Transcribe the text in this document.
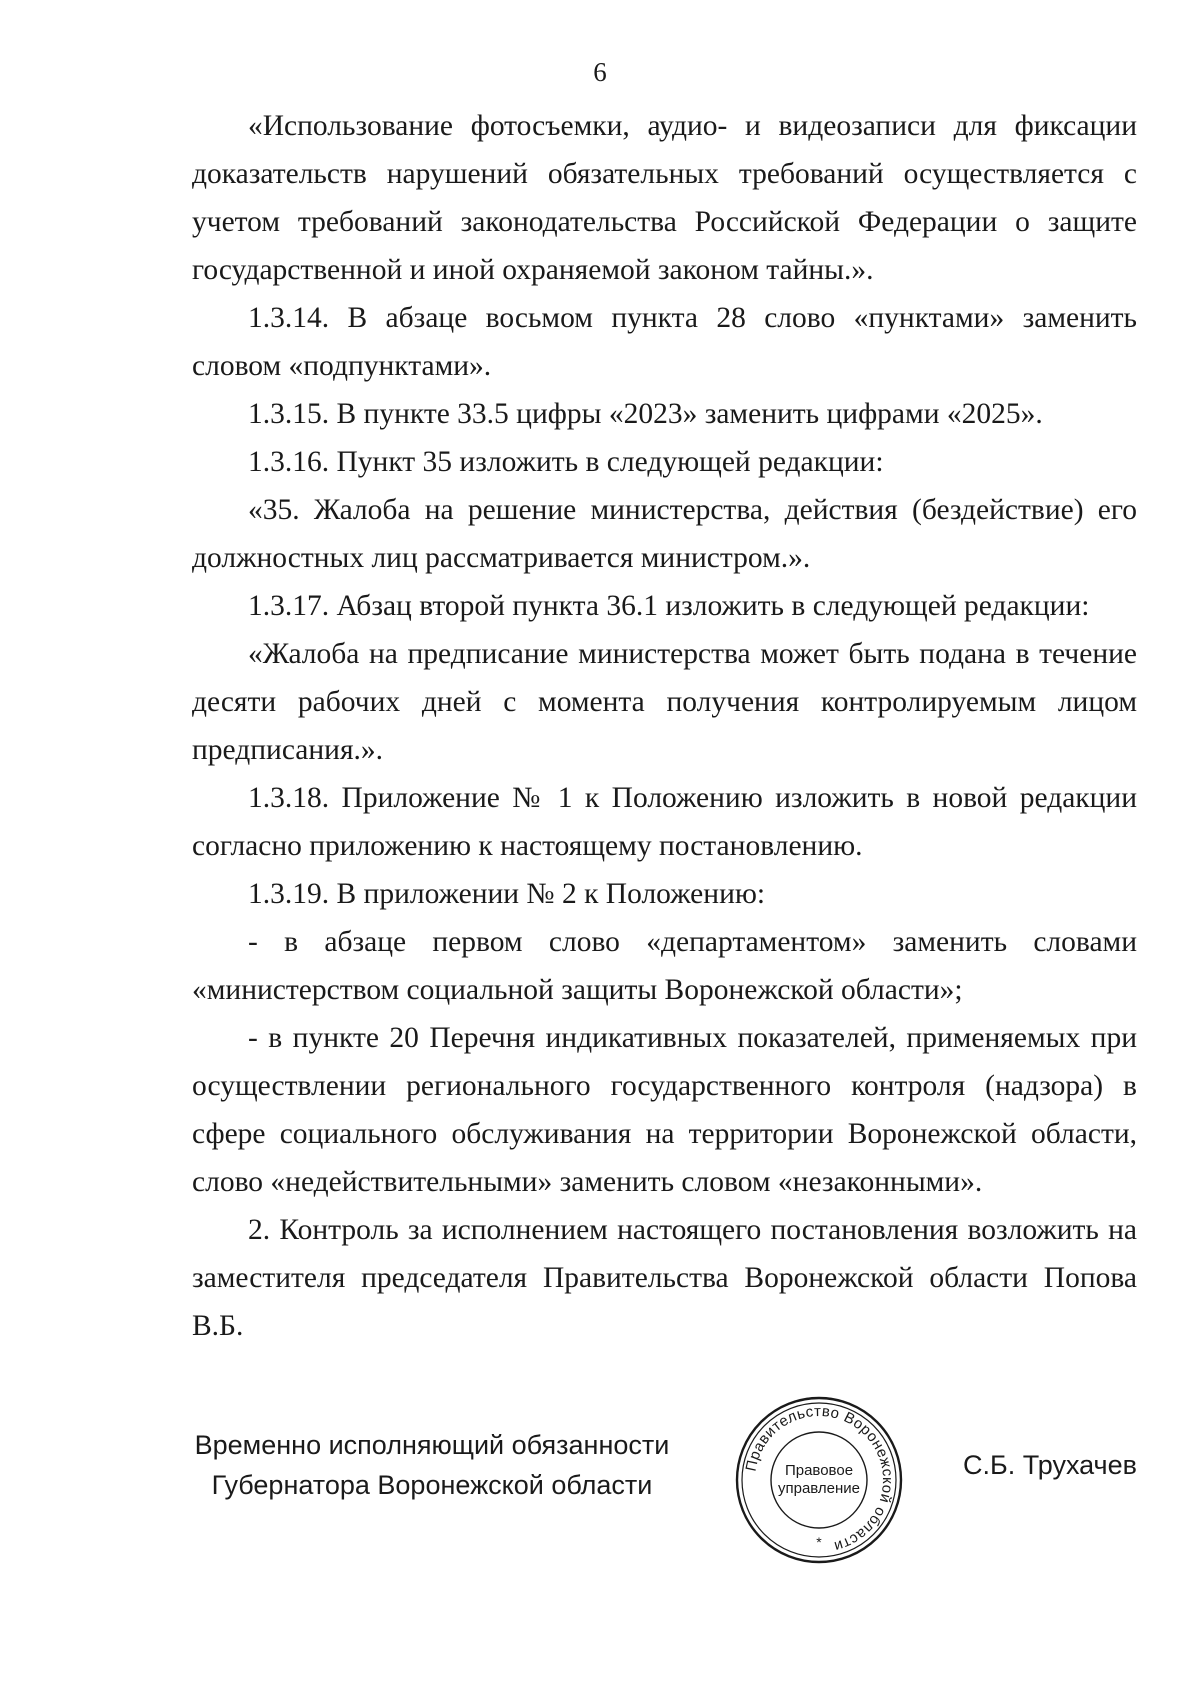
6

«Использование фотосъемки, аудио- и видеозаписи для фиксации доказательств нарушений обязательных требований осуществляется с учетом требований законодательства Российской Федерации о защите государственной и иной охраняемой законом тайны.».

1.3.14. В абзаце восьмом пункта 28 слово «пунктами» заменить словом «подпунктами».

1.3.15. В пункте 33.5 цифры «2023» заменить цифрами «2025».

1.3.16. Пункт 35 изложить в следующей редакции:

«35. Жалоба на решение министерства, действия (бездействие) его должностных лиц рассматривается министром.».

1.3.17. Абзац второй пункта 36.1 изложить в следующей редакции:

«Жалоба на предписание министерства может быть подана в течение десяти рабочих дней с момента получения контролируемым лицом предписания.».

1.3.18. Приложение № 1 к Положению изложить в новой редакции согласно приложению к настоящему постановлению.

1.3.19. В приложении № 2 к Положению:

- в абзаце первом слово «департаментом» заменить словами «министерством социальной защиты Воронежской области»;

- в пункте 20 Перечня индикативных показателей, применяемых при осуществлении регионального государственного контроля (надзора) в сфере социального обслуживания на территории Воронежской области, слово «недействительными» заменить словом «незаконными».

2. Контроль за исполнением настоящего постановления возложить на заместителя председателя Правительства Воронежской области Попова В.Б.

Временно исполняющий обязанности
Губернатора Воронежской области
Правительство Воронежской области
*
Правовое
управление
С.Б. Трухачев
